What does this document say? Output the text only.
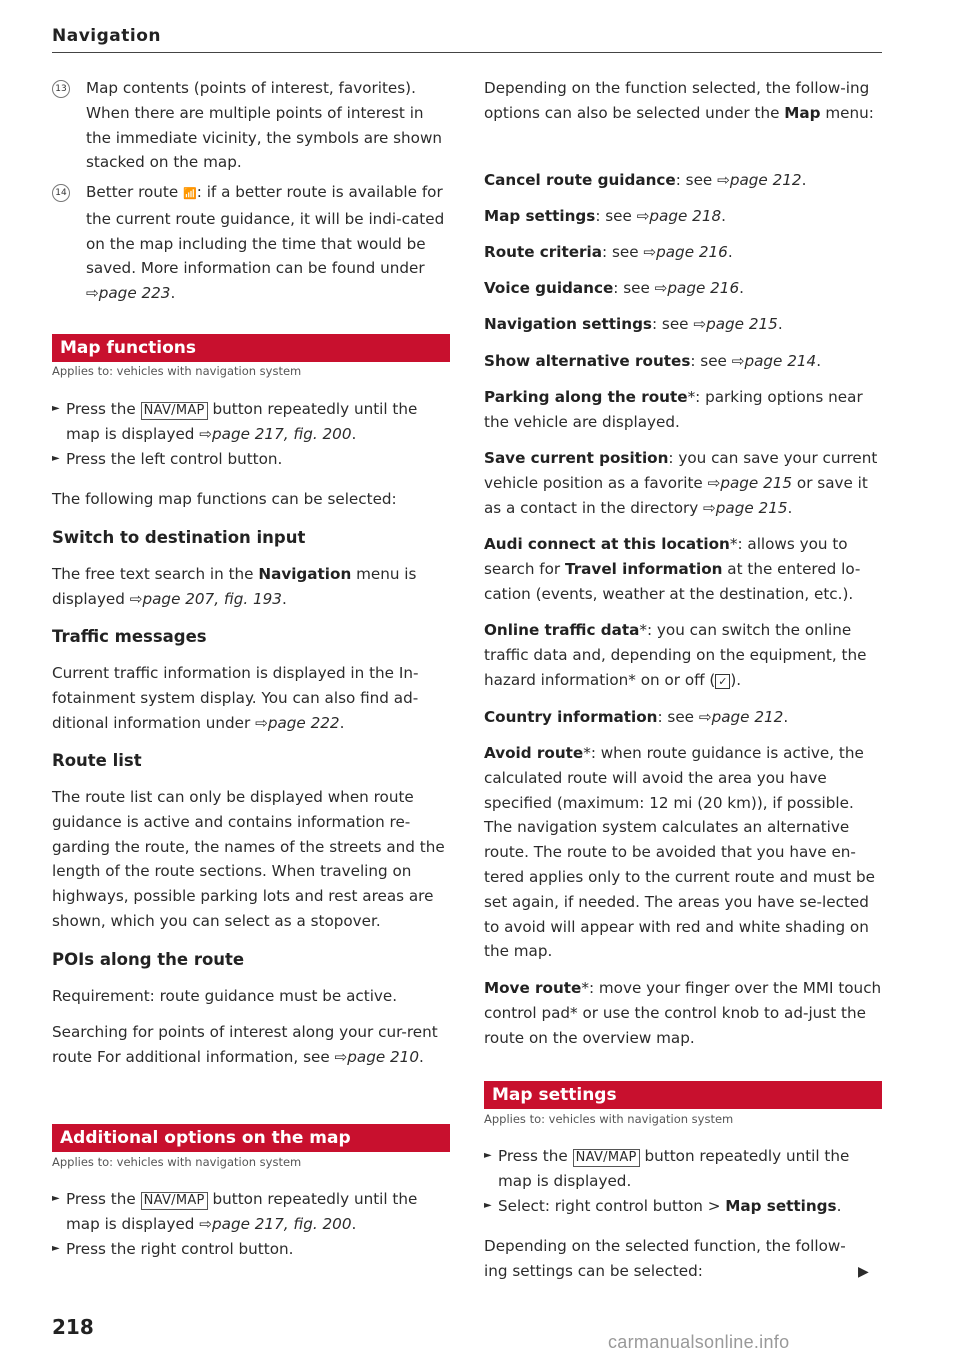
Navigation
13 Map contents (points of interest, favorites). When there are multiple points of interest in the immediate vicinity, the symbols are shown stacked on the map.
14 Better route 📶: if a better route is available for the current route guidance, it will be indi-cated on the map including the time that would be saved. More information can be found under ⇨page 223.
Map functions
Applies to: vehicles with navigation system
► Press the NAV/MAP button repeatedly until the map is displayed ⇨page 217, fig. 200.
► Press the left control button.
The following map functions can be selected:
Switch to destination input
The free text search in the Navigation menu is displayed ⇨page 207, fig. 193.
Traffic messages
Current traffic information is displayed in the In-fotainment system display. You can also find ad-ditional information under ⇨page 222.
Route list
The route list can only be displayed when route guidance is active and contains information re-garding the route, the names of the streets and the length of the route sections. When traveling on highways, possible parking lots and rest areas are shown, which you can select as a stopover.
POIs along the route
Requirement: route guidance must be active.
Searching for points of interest along your cur-rent route For additional information, see ⇨page 210.
Additional options on the map
Applies to: vehicles with navigation system
► Press the NAV/MAP button repeatedly until the map is displayed ⇨page 217, fig. 200.
► Press the right control button.
Depending on the function selected, the follow-ing options can also be selected under the Map menu:
Cancel route guidance: see ⇨page 212.
Map settings: see ⇨page 218.
Route criteria: see ⇨page 216.
Voice guidance: see ⇨page 216.
Navigation settings: see ⇨page 215.
Show alternative routes: see ⇨page 214.
Parking along the route*: parking options near the vehicle are displayed.
Save current position: you can save your current vehicle position as a favorite ⇨page 215 or save it as a contact in the directory ⇨page 215.
Audi connect at this location*: allows you to search for Travel information at the entered lo-cation (events, weather at the destination, etc.).
Online traffic data*: you can switch the online traffic data and, depending on the equipment, the hazard information* on or off ( ✓ ).
Country information: see ⇨page 212.
Avoid route*: when route guidance is active, the calculated route will avoid the area you have specified (maximum: 12 mi (20 km)), if possible. The navigation system calculates an alternative route. The route to be avoided that you have en-tered applies only to the current route and must be set again, if needed. The areas you have se-lected to avoid will appear with red and white shading on the map.
Move route*: move your finger over the MMI touch control pad* or use the control knob to ad-just the route on the overview map.
Map settings
Applies to: vehicles with navigation system
► Press the NAV/MAP button repeatedly until the map is displayed.
► Select: right control button > Map settings.
Depending on the selected function, the follow-ing settings can be selected:	▶
218
carmanualsonline.info
